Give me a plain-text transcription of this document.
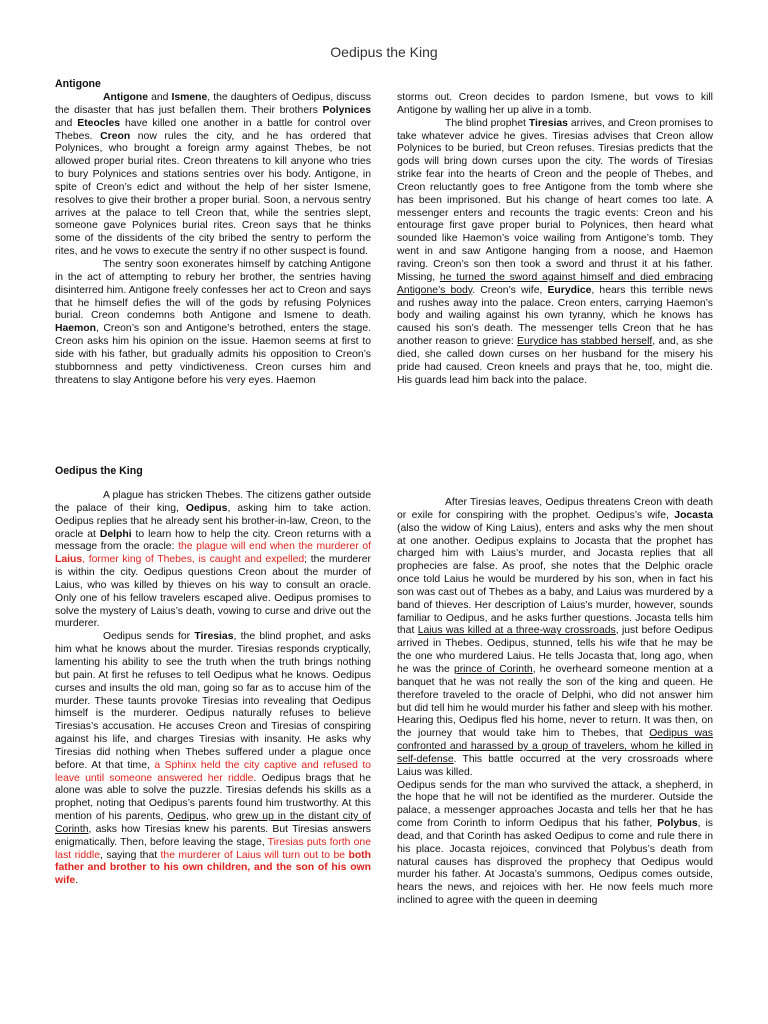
Oedipus the King
Antigone

Antigone and Ismene, the daughters of Oedipus, discuss the disaster that has just befallen them. Their brothers Polynices and Eteocles have killed one another in a battle for control over Thebes. Creon now rules the city, and he has ordered that Polynices, who brought a foreign army against Thebes, be not allowed proper burial rites. Creon threatens to kill anyone who tries to bury Polynices and stations sentries over his body. Antigone, in spite of Creon’s edict and without the help of her sister Ismene, resolves to give their brother a proper burial. Soon, a nervous sentry arrives at the palace to tell Creon that, while the sentries slept, someone gave Polynices burial rites. Creon says that he thinks some of the dissidents of the city bribed the sentry to perform the rites, and he vows to execute the sentry if no other suspect is found.

The sentry soon exonerates himself by catching Antigone in the act of attempting to rebury her brother, the sentries having disinterred him. Antigone freely confesses her act to Creon and says that he himself defies the will of the gods by refusing Polynices burial. Creon condemns both Antigone and Ismene to death. Haemon, Creon’s son and Antigone’s betrothed, enters the stage. Creon asks him his opinion on the issue. Haemon seems at first to side with his father, but gradually admits his opposition to Creon’s stubbornness and petty vindictiveness. Creon curses him and threatens to slay Antigone before his very eyes. Haemon

storms out. Creon decides to pardon Ismene, but vows to kill Antigone by walling her up alive in a tomb.

The blind prophet Tiresias arrives, and Creon promises to take whatever advice he gives. Tiresias advises that Creon allow Polynices to be buried, but Creon refuses. Tiresias predicts that the gods will bring down curses upon the city. The words of Tiresias strike fear into the hearts of Creon and the people of Thebes, and Creon reluctantly goes to free Antigone from the tomb where she has been imprisoned. But his change of heart comes too late. A messenger enters and recounts the tragic events: Creon and his entourage first gave proper burial to Polynices, then heard what sounded like Haemon’s voice wailing from Antigone’s tomb. They went in and saw Antigone hanging from a noose, and Haemon raving. Creon’s son then took a sword and thrust it at his father. Missing, he turned the sword against himself and died embracing Antigone’s body. Creon’s wife, Eurydice, hears this terrible news and rushes away into the palace. Creon enters, carrying Haemon’s body and wailing against his own tyranny, which he knows has caused his son’s death. The messenger tells Creon that he has another reason to grieve: Eurydice has stabbed herself, and, as she died, she called down curses on her husband for the misery his pride had caused. Creon kneels and prays that he, too, might die. His guards lead him back into the palace.

Oedipus the King

A plague has stricken Thebes. The citizens gather outside the palace of their king, Oedipus, asking him to take action. Oedipus replies that he already sent his brother-in-law, Creon, to the oracle at Delphi to learn how to help the city. Creon returns with a message from the oracle: the plague will end when the murderer of Laius, former king of Thebes, is caught and expelled; the murderer is within the city. Oedipus questions Creon about the murder of Laius, who was killed by thieves on his way to consult an oracle. Only one of his fellow travelers escaped alive. Oedipus promises to solve the mystery of Laius’s death, vowing to curse and drive out the murderer.

Oedipus sends for Tiresias, the blind prophet, and asks him what he knows about the murder. Tiresias responds cryptically, lamenting his ability to see the truth when the truth brings nothing but pain. At first he refuses to tell Oedipus what he knows. Oedipus curses and insults the old man, going so far as to accuse him of the murder. These taunts provoke Tiresias into revealing that Oedipus himself is the murderer. Oedipus naturally refuses to believe Tiresias’s accusation. He accuses Creon and Tiresias of conspiring against his life, and charges Tiresias with insanity. He asks why Tiresias did nothing when Thebes suffered under a plague once before. At that time, a Sphinx held the city captive and refused to leave until someone answered her riddle. Oedipus brags that he alone was able to solve the puzzle. Tiresias defends his skills as a prophet, noting that Oedipus’s parents found him trustworthy. At this mention of his parents, Oedipus, who grew up in the distant city of Corinth, asks how Tiresias knew his parents. But Tiresias answers enigmatically. Then, before leaving the stage, Tiresias puts forth one last riddle, saying that the murderer of Laius will turn out to be both father and brother to his own children, and the son of his own wife.

After Tiresias leaves, Oedipus threatens Creon with death or exile for conspiring with the prophet. Oedipus’s wife, Jocasta (also the widow of King Laius), enters and asks why the men shout at one another. Oedipus explains to Jocasta that the prophet has charged him with Laius’s murder, and Jocasta replies that all prophecies are false. As proof, she notes that the Delphic oracle once told Laius he would be murdered by his son, when in fact his son was cast out of Thebes as a baby, and Laius was murdered by a band of thieves. Her description of Laius’s murder, however, sounds familiar to Oedipus, and he asks further questions. Jocasta tells him that Laius was killed at a three-way crossroads, just before Oedipus arrived in Thebes. Oedipus, stunned, tells his wife that he may be the one who murdered Laius. He tells Jocasta that, long ago, when he was the prince of Corinth, he overheard someone mention at a banquet that he was not really the son of the king and queen. He therefore traveled to the oracle of Delphi, who did not answer him but did tell him he would murder his father and sleep with his mother. Hearing this, Oedipus fled his home, never to return. It was then, on the journey that would take him to Thebes, that Oedipus was confronted and harassed by a group of travelers, whom he killed in self-defense. This battle occurred at the very crossroads where Laius was killed.

Oedipus sends for the man who survived the attack, a shepherd, in the hope that he will not be identified as the murderer. Outside the palace, a messenger approaches Jocasta and tells her that he has come from Corinth to inform Oedipus that his father, Polybus, is dead, and that Corinth has asked Oedipus to come and rule there in his place. Jocasta rejoices, convinced that Polybus’s death from natural causes has disproved the prophecy that Oedipus would murder his father. At Jocasta’s summons, Oedipus comes outside, hears the news, and rejoices with her. He now feels much more inclined to agree with the queen in deeming
